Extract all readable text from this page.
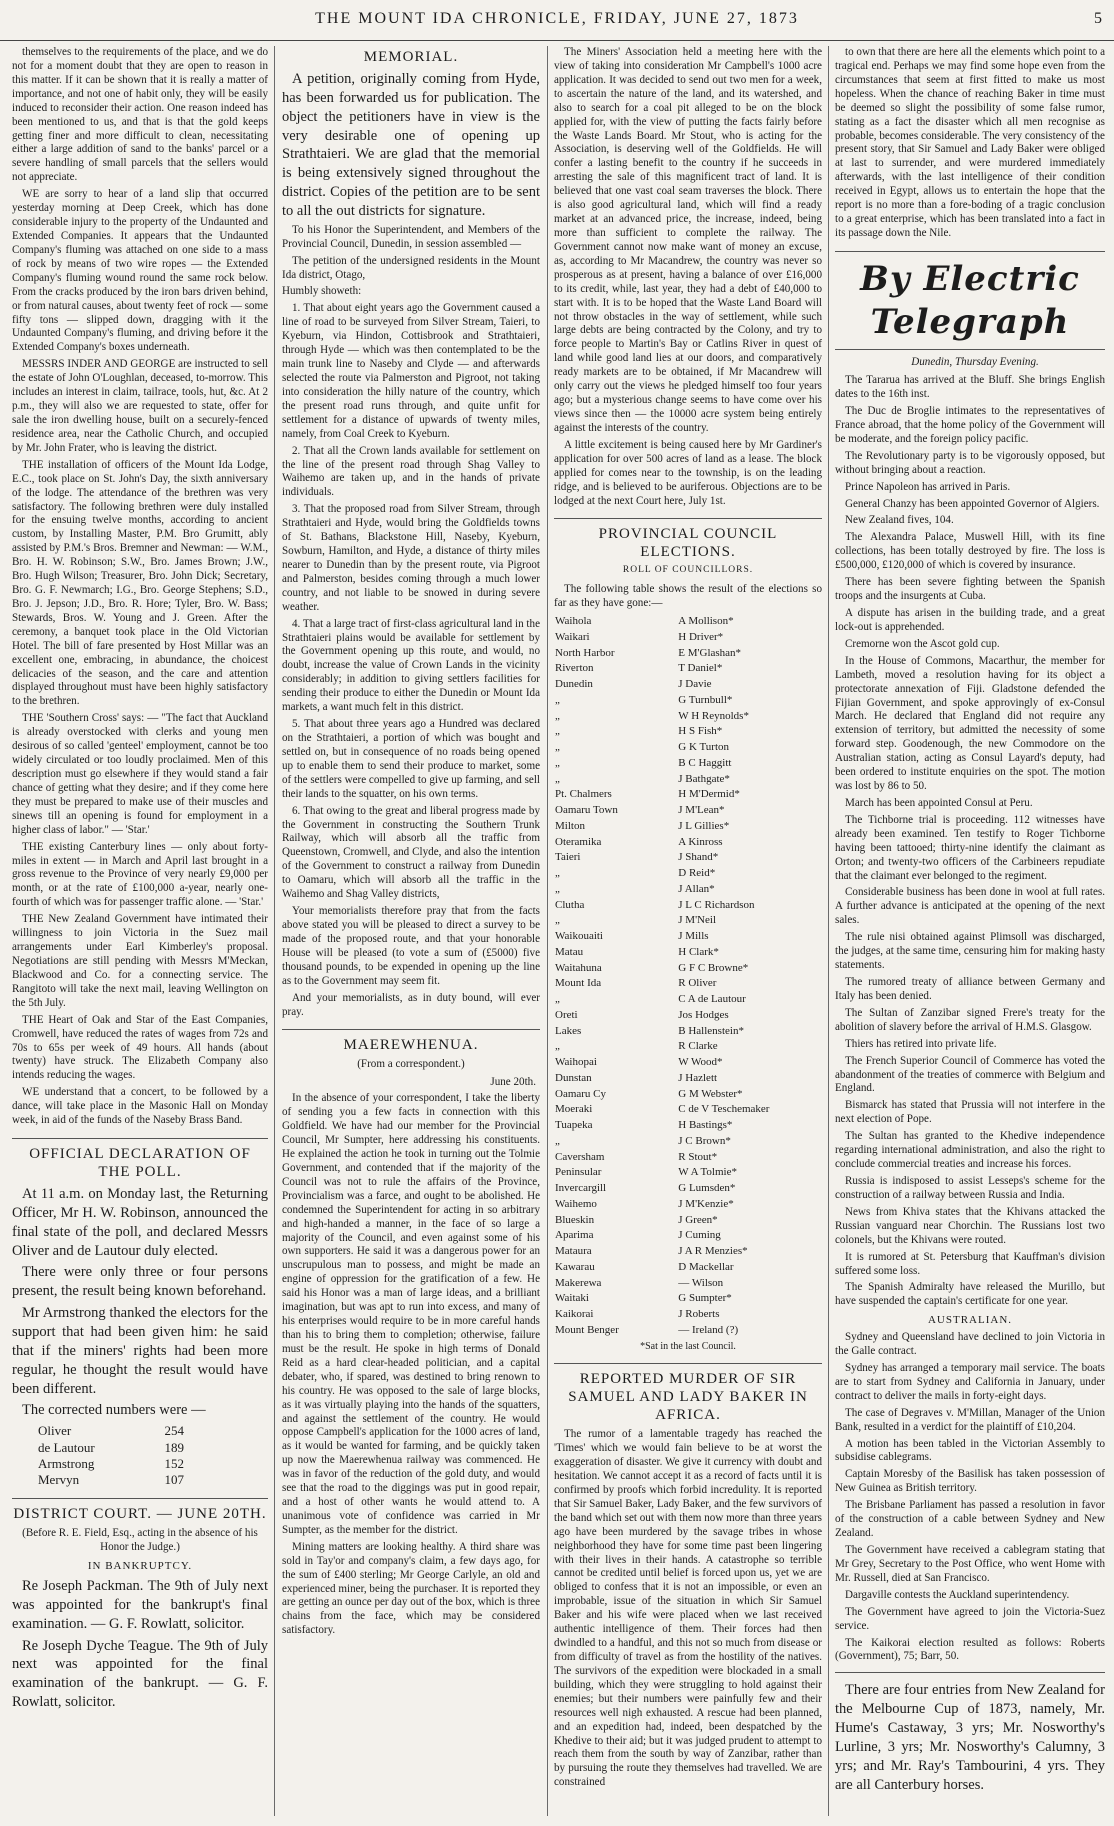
THE MOUNT IDA CHRONICLE, FRIDAY, JUNE 27, 1873	5

themselves to the requirements of the place, and we do not for a moment doubt that they are open to reason in this matter. If it can be shown that it is really a matter of importance, and not one of habit only, they will be easily induced to reconsider their action. One reason indeed has been mentioned to us, and that is that the gold keeps getting finer and more difficult to clean, necessitating either a large addition of sand to the banks' parcel or a severe handling of small parcels that the sellers would not appreciate.

WE are sorry to hear of a land slip that occurred yesterday morning at Deep Creek, which has done considerable injury to the property of the Undaunted and Extended Companies. It appears that the Undaunted Company's fluming was attached on one side to a mass of rock by means of two wire ropes — the Extended Company's fluming wound round the same rock below. From the cracks produced by the iron bars driven behind, or from natural causes, about twenty feet of rock — some fifty tons — slipped down, dragging with it the Undaunted Company's fluming, and driving before it the Extended Company's boxes underneath.

MESSRS INDER AND GEORGE are instructed to sell the estate of John O'Loughlan, deceased, to-morrow. This includes an interest in claim, tailrace, tools, hut, &c. At 2 p.m., they will also we are requested to state, offer for sale the iron dwelling house, built on a securely-fenced residence area, near the Catholic Church, and occupied by Mr. John Frater, who is leaving the district.

THE installation of officers of the Mount Ida Lodge, E.C., took place on St. John's Day, the sixth anniversary of the lodge. The attendance of the brethren was very satisfactory. The following brethren were duly installed for the ensuing twelve months, according to ancient custom, by Installing Master, P.M. Bro Grumitt, ably assisted by P.M.'s Bros. Bremner and Newman: — W.M., Bro. H. W. Robinson; S.W., Bro. James Brown; J.W., Bro. Hugh Wilson; Treasurer, Bro. John Dick; Secretary, Bro. G. F. Newmarch; I.G., Bro. George Stephens; S.D., Bro. J. Jepson; J.D., Bro. R. Hore; Tyler, Bro. W. Bass; Stewards, Bros. W. Young and J. Green. After the ceremony, a banquet took place in the Old Victorian Hotel. The bill of fare presented by Host Millar was an excellent one, embracing, in abundance, the choicest delicacies of the season, and the care and attention displayed throughout must have been highly satisfactory to the brethren.

THE 'Southern Cross' says: — "The fact that Auckland is already overstocked with clerks and young men desirous of so called 'genteel' employment, cannot be too widely circulated or too loudly proclaimed. Men of this description must go elsewhere if they would stand a fair chance of getting what they desire; and if they come here they must be prepared to make use of their muscles and sinews till an opening is found for employment in a higher class of labor." — 'Star.'

THE existing Canterbury lines — only about forty-miles in extent — in March and April last brought in a gross revenue to the Province of very nearly £9,000 per month, or at the rate of £100,000 a-year, nearly one-fourth of which was for passenger traffic alone. — 'Star.'

THE New Zealand Government have intimated their willingness to join Victoria in the Suez mail arrangements under Earl Kimberley's proposal. Negotiations are still pending with Messrs M'Meckan, Blackwood and Co. for a connecting service. The Rangitoto will take the next mail, leaving Wellington on the 5th July.

THE Heart of Oak and Star of the East Companies, Cromwell, have reduced the rates of wages from 72s and 70s to 65s per week of 49 hours. All hands (about twenty) have struck. The Elizabeth Company also intends reducing the wages.

WE understand that a concert, to be followed by a dance, will take place in the Masonic Hall on Monday week, in aid of the funds of the Naseby Brass Band.

OFFICIAL DECLARATION OF THE POLL.

At 11 a.m. on Monday last, the Returning Officer, Mr H. W. Robinson, announced the final state of the poll, and declared Messrs Oliver and de Lautour duly elected.

There were only three or four persons present, the result being known beforehand.

Mr Armstrong thanked the electors for the support that had been given him: he said that if the miners' rights had been more regular, he thought the result would have been different.

The corrected numbers were —

Oliver	254
de Lautour	189
Armstrong	152
Mervyn	107
DISTRICT COURT. — JUNE 20TH.

(Before R. E. Field, Esq., acting in the absence of his Honor the Judge.)

IN BANKRUPTCY.

Re Joseph Packman. The 9th of July next was appointed for the bankrupt's final examination. — G. F. Rowlatt, solicitor.

Re Joseph Dyche Teague. The 9th of July next was appointed for the final examination of the bankrupt. — G. F. Rowlatt, solicitor.

MEMORIAL.

A petition, originally coming from Hyde, has been forwarded us for publication. The object the petitioners have in view is the very desirable one of opening up Strathtaieri. We are glad that the memorial is being extensively signed throughout the district. Copies of the petition are to be sent to all the out districts for signature.

To his Honor the Superintendent, and Members of the Provincial Council, Dunedin, in session assembled —

The petition of the undersigned residents in the Mount Ida district, Otago,

Humbly showeth:

1. That about eight years ago the Government caused a line of road to be surveyed from Silver Stream, Taieri, to Kyeburn, via Hindon, Cottisbrook and Strathtaieri, through Hyde — which was then contemplated to be the main trunk line to Naseby and Clyde — and afterwards selected the route via Palmerston and Pigroot, not taking into consideration the hilly nature of the country, which the present road runs through, and quite unfit for settlement for a distance of upwards of twenty miles, namely, from Coal Creek to Kyeburn.

2. That all the Crown lands available for settlement on the line of the present road through Shag Valley to Waihemo are taken up, and in the hands of private individuals.

3. That the proposed road from Silver Stream, through Strathtaieri and Hyde, would bring the Goldfields towns of St. Bathans, Blackstone Hill, Naseby, Kyeburn, Sowburn, Hamilton, and Hyde, a distance of thirty miles nearer to Dunedin than by the present route, via Pigroot and Palmerston, besides coming through a much lower country, and not liable to be snowed in during severe weather.

4. That a large tract of first-class agricultural land in the Strathtaieri plains would be available for settlement by the Government opening up this route, and would, no doubt, increase the value of Crown Lands in the vicinity considerably; in addition to giving settlers facilities for sending their produce to either the Dunedin or Mount Ida markets, a want much felt in this district.

5. That about three years ago a Hundred was declared on the Strathtaieri, a portion of which was bought and settled on, but in consequence of no roads being opened up to enable them to send their produce to market, some of the settlers were compelled to give up farming, and sell their lands to the squatter, on his own terms.

6. That owing to the great and liberal progress made by the Government in constructing the Southern Trunk Railway, which will absorb all the traffic from Queenstown, Cromwell, and Clyde, and also the intention of the Government to construct a railway from Dunedin to Oamaru, which will absorb all the traffic in the Waihemo and Shag Valley districts,

Your memorialists therefore pray that from the facts above stated you will be pleased to direct a survey to be made of the proposed route, and that your honorable House will be pleased (to vote a sum of (£5000) five thousand pounds, to be expended in opening up the line as to the Government may seem fit.

And your memorialists, as in duty bound, will ever pray.

MAEREWHENUA.

(From a correspondent.)

June 20th.

In the absence of your correspondent, I take the liberty of sending you a few facts in connection with this Goldfield. We have had our member for the Provincial Council, Mr Sumpter, here addressing his constituents. He explained the action he took in turning out the Tolmie Government, and contended that if the majority of the Council was not to rule the affairs of the Province, Provincialism was a farce, and ought to be abolished. He condemned the Superintendent for acting in so arbitrary and high-handed a manner, in the face of so large a majority of the Council, and even against some of his own supporters. He said it was a dangerous power for an unscrupulous man to possess, and might be made an engine of oppression for the gratification of a few. He said his Honor was a man of large ideas, and a brilliant imagination, but was apt to run into excess, and many of his enterprises would require to be in more careful hands than his to bring them to completion; otherwise, failure must be the result. He spoke in high terms of Donald Reid as a hard clear-headed politician, and a capital debater, who, if spared, was destined to bring renown to his country. He was opposed to the sale of large blocks, as it was virtually playing into the hands of the squatters, and against the settlement of the country. He would oppose Campbell's application for the 1000 acres of land, as it would be wanted for farming, and be quickly taken up now the Maerewhenua railway was commenced. He was in favor of the reduction of the gold duty, and would see that the road to the diggings was put in good repair, and a host of other wants he would attend to. A unanimous vote of confidence was carried in Mr Sumpter, as the member for the district.

Mining matters are looking healthy. A third share was sold in Tay'or and company's claim, a few days ago, for the sum of £400 sterling; Mr George Carlyle, an old and experienced miner, being the purchaser. It is reported they are getting an ounce per day out of the box, which is three chains from the face, which may be considered satisfactory.

The Miners' Association held a meeting here with the view of taking into consideration Mr Campbell's 1000 acre application. It was decided to send out two men for a week, to ascertain the nature of the land, and its watershed, and also to search for a coal pit alleged to be on the block applied for, with the view of putting the facts fairly before the Waste Lands Board. Mr Stout, who is acting for the Association, is deserving well of the Goldfields. He will confer a lasting benefit to the country if he succeeds in arresting the sale of this magnificent tract of land. It is believed that one vast coal seam traverses the block. There is also good agricultural land, which will find a ready market at an advanced price, the increase, indeed, being more than sufficient to complete the railway. The Government cannot now make want of money an excuse, as, according to Mr Macandrew, the country was never so prosperous as at present, having a balance of over £16,000 to its credit, while, last year, they had a debt of £40,000 to start with. It is to be hoped that the Waste Land Board will not throw obstacles in the way of settlement, while such large debts are being contracted by the Colony, and try to force people to Martin's Bay or Catlins River in quest of land while good land lies at our doors, and comparatively ready markets are to be obtained, if Mr Macandrew will only carry out the views he pledged himself too four years ago; but a mysterious change seems to have come over his views since then — the 10000 acre system being entirely against the interests of the country.

A little excitement is being caused here by Mr Gardiner's application for over 500 acres of land as a lease. The block applied for comes near to the township, is on the leading ridge, and is believed to be auriferous. Objections are to be lodged at the next Court here, July 1st.

PROVINCIAL COUNCIL ELECTIONS.
ROLL OF COUNCILLORS.

The following table shows the result of the elections so far as they have gone:—

Waihola	A Mollison*
Waikari	H Driver*
North Harbor	E M'Glashan*
Riverton	T Daniel*
Dunedin	J Davie
„	G Turnbull*
„	W H Reynolds*
„	H S Fish*
„	G K Turton
„	B C Haggitt
„	J Bathgate*
Pt. Chalmers	H M'Dermid*
Oamaru Town	J M'Lean*
Milton	J L Gillies*
Oteramika	A Kinross
Taieri	J Shand*
„	D Reid*
„	J Allan*
Clutha	J L C Richardson
„	J M'Neil
Waikouaiti	J Mills
Matau	H Clark*
Waitahuna	G F C Browne*
Mount Ida	R Oliver
„	C A de Lautour
Oreti	Jos Hodges
Lakes	B Hallenstein*
„	R Clarke
Waihopai	W Wood*
Dunstan	J Hazlett
Oamaru Cy	G M Webster*
Moeraki	C de V Teschemaker
Tuapeka	H Bastings*
„	J C Brown*
Caversham	R Stout*
Peninsular	W A Tolmie*
Invercargill	G Lumsden*
Waihemo	J M'Kenzie*
Blueskin	J Green*
Aparima	J Cuming
Mataura	J A R Menzies*
Kawarau	D Mackellar
Makerewa	— Wilson
Waitaki	G Sumpter*
Kaikorai	J Roberts
Mount Benger	— Ireland (?)
*Sat in the last Council.
REPORTED MURDER OF SIR SAMUEL AND LADY BAKER IN AFRICA.

The rumor of a lamentable tragedy has reached the 'Times' which we would fain believe to be at worst the exaggeration of disaster. We give it currency with doubt and hesitation. We cannot accept it as a record of facts until it is confirmed by proofs which forbid incredulity. It is reported that Sir Samuel Baker, Lady Baker, and the few survivors of the band which set out with them now more than three years ago have been murdered by the savage tribes in whose neighborhood they have for some time past been lingering with their lives in their hands. A catastrophe so terrible cannot be credited until belief is forced upon us, yet we are obliged to confess that it is not an impossible, or even an improbable, issue of the situation in which Sir Samuel Baker and his wife were placed when we last received authentic intelligence of them. Their forces had then dwindled to a handful, and this not so much from disease or from difficulty of travel as from the hostility of the natives. The survivors of the expedition were blockaded in a small building, which they were struggling to hold against their enemies; but their numbers were painfully few and their resources well nigh exhausted. A rescue had been planned, and an expedition had, indeed, been despatched by the Khedive to their aid; but it was judged prudent to attempt to reach them from the south by way of Zanzibar, rather than by pursuing the route they themselves had travelled. We are constrained

to own that there are here all the elements which point to a tragical end. Perhaps we may find some hope even from the circumstances that seem at first fitted to make us most hopeless. When the chance of reaching Baker in time must be deemed so slight the possibility of some false rumor, stating as a fact the disaster which all men recognise as probable, becomes considerable. The very consistency of the present story, that Sir Samuel and Lady Baker were obliged at last to surrender, and were murdered immediately afterwards, with the last intelligence of their condition received in Egypt, allows us to entertain the hope that the report is no more than a fore-boding of a tragic conclusion to a great enterprise, which has been translated into a fact in its passage down the Nile.

By Electric Telegraph

Dunedin, Thursday Evening.

The Tararua has arrived at the Bluff. She brings English dates to the 16th inst.

The Duc de Broglie intimates to the representatives of France abroad, that the home policy of the Government will be moderate, and the foreign policy pacific.

The Revolutionary party is to be vigorously opposed, but without bringing about a reaction.

Prince Napoleon has arrived in Paris.

General Chanzy has been appointed Governor of Algiers.

New Zealand fives, 104.

The Alexandra Palace, Muswell Hill, with its fine collections, has been totally destroyed by fire. The loss is £500,000, £120,000 of which is covered by insurance.

There has been severe fighting between the Spanish troops and the insurgents at Cuba.

A dispute has arisen in the building trade, and a great lock-out is apprehended.

Cremorne won the Ascot gold cup.

In the House of Commons, Macarthur, the member for Lambeth, moved a resolution having for its object a protectorate annexation of Fiji. Gladstone defended the Fijian Government, and spoke approvingly of ex-Consul March. He declared that England did not require any extension of territory, but admitted the necessity of some forward step. Goodenough, the new Commodore on the Australian station, acting as Consul Layard's deputy, had been ordered to institute enquiries on the spot. The motion was lost by 86 to 50.

March has been appointed Consul at Peru.

The Tichborne trial is proceeding. 112 witnesses have already been examined. Ten testify to Roger Tichborne having been tattooed; thirty-nine identify the claimant as Orton; and twenty-two officers of the Carbineers repudiate that the claimant ever belonged to the regiment.

Considerable business has been done in wool at full rates. A further advance is anticipated at the opening of the next sales.

The rule nisi obtained against Plimsoll was discharged, the judges, at the same time, censuring him for making hasty statements.

The rumored treaty of alliance between Germany and Italy has been denied.

The Sultan of Zanzibar signed Frere's treaty for the abolition of slavery before the arrival of H.M.S. Glasgow.

Thiers has retired into private life.

The French Superior Council of Commerce has voted the abandonment of the treaties of commerce with Belgium and England.

Bismarck has stated that Prussia will not interfere in the next election of Pope.

The Sultan has granted to the Khedive independence regarding international administration, and also the right to conclude commercial treaties and increase his forces.

Russia is indisposed to assist Lesseps's scheme for the construction of a railway between Russia and India.

News from Khiva states that the Khivans attacked the Russian vanguard near Chorchin. The Russians lost two colonels, but the Khivans were routed.

It is rumored at St. Petersburg that Kauffman's division suffered some loss.

The Spanish Admiralty have released the Murillo, but have suspended the captain's certificate for one year.

AUSTRALIAN.

Sydney and Queensland have declined to join Victoria in the Galle contract.

Sydney has arranged a temporary mail service. The boats are to start from Sydney and California in January, under contract to deliver the mails in forty-eight days.

The case of Degraves v. M'Millan, Manager of the Union Bank, resulted in a verdict for the plaintiff of £10,204.

A motion has been tabled in the Victorian Assembly to subsidise cablegrams.

Captain Moresby of the Basilisk has taken possession of New Guinea as British territory.

The Brisbane Parliament has passed a resolution in favor of the construction of a cable between Sydney and New Zealand.

The Government have received a cablegram stating that Mr Grey, Secretary to the Post Office, who went Home with Mr. Russell, died at San Francisco.

Dargaville contests the Auckland superintendency.

The Government have agreed to join the Victoria-Suez service.

The Kaikorai election resulted as follows: Roberts (Government), 75; Barr, 50.

There are four entries from New Zealand for the Melbourne Cup of 1873, namely, Mr. Hume's Castaway, 3 yrs; Mr. Nosworthy's Lurline, 3 yrs; Mr. Nosworthy's Calumny, 3 yrs; and Mr. Ray's Tambourini, 4 yrs. They are all Canterbury horses.
